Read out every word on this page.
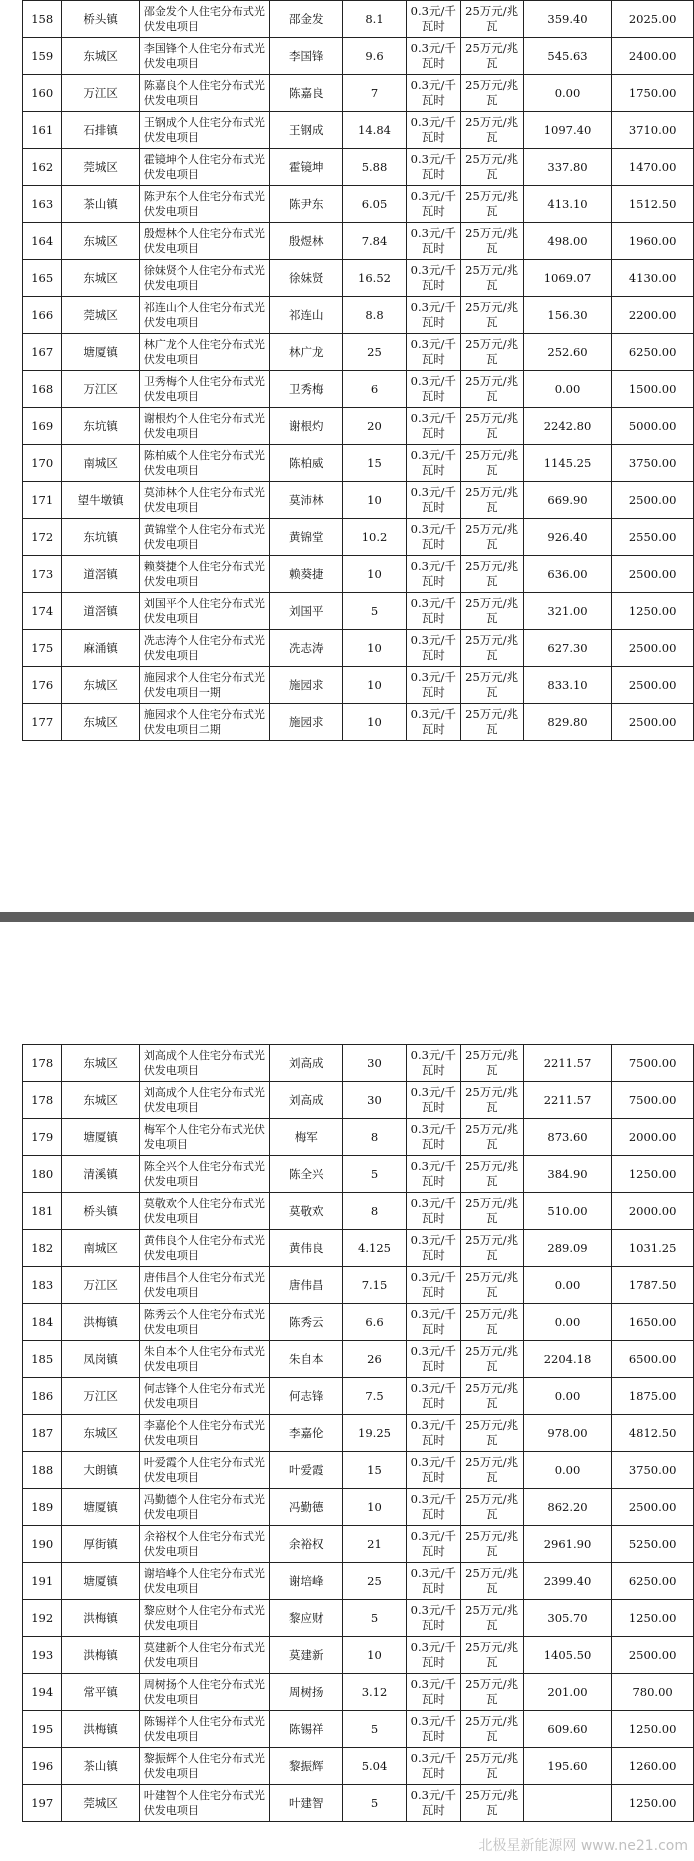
158	桥头镇	邵金发个人住宅分布式光伏发电项目	邵金发	8.1	0.3元/千瓦时	25万元/兆瓦	359.40	2025.00
159	东城区	李国锋个人住宅分布式光伏发电项目	李国锋	9.6	0.3元/千瓦时	25万元/兆瓦	545.63	2400.00
160	万江区	陈嘉良个人住宅分布式光伏发电项目	陈嘉良	7	0.3元/千瓦时	25万元/兆瓦	0.00	1750.00
161	石排镇	王钢成个人住宅分布式光伏发电项目	王钢成	14.84	0.3元/千瓦时	25万元/兆瓦	1097.40	3710.00
162	莞城区	霍镜坤个人住宅分布式光伏发电项目	霍镜坤	5.88	0.3元/千瓦时	25万元/兆瓦	337.80	1470.00
163	茶山镇	陈尹东个人住宅分布式光伏发电项目	陈尹东	6.05	0.3元/千瓦时	25万元/兆瓦	413.10	1512.50
164	东城区	殷煜林个人住宅分布式光伏发电项目	殷煜林	7.84	0.3元/千瓦时	25万元/兆瓦	498.00	1960.00
165	东城区	徐妹贤个人住宅分布式光伏发电项目	徐妹贤	16.52	0.3元/千瓦时	25万元/兆瓦	1069.07	4130.00
166	莞城区	祁连山个人住宅分布式光伏发电项目	祁连山	8.8	0.3元/千瓦时	25万元/兆瓦	156.30	2200.00
167	塘厦镇	林广龙个人住宅分布式光伏发电项目	林广龙	25	0.3元/千瓦时	25万元/兆瓦	252.60	6250.00
168	万江区	卫秀梅个人住宅分布式光伏发电项目	卫秀梅	6	0.3元/千瓦时	25万元/兆瓦	0.00	1500.00
169	东坑镇	谢根灼个人住宅分布式光伏发电项目	谢根灼	20	0.3元/千瓦时	25万元/兆瓦	2242.80	5000.00
170	南城区	陈柏威个人住宅分布式光伏发电项目	陈柏威	15	0.3元/千瓦时	25万元/兆瓦	1145.25	3750.00
171	望牛墩镇	莫沛林个人住宅分布式光伏发电项目	莫沛林	10	0.3元/千瓦时	25万元/兆瓦	669.90	2500.00
172	东坑镇	黄锦堂个人住宅分布式光伏发电项目	黄锦堂	10.2	0.3元/千瓦时	25万元/兆瓦	926.40	2550.00
173	道滘镇	赖葵捷个人住宅分布式光伏发电项目	赖葵捷	10	0.3元/千瓦时	25万元/兆瓦	636.00	2500.00
174	道滘镇	刘国平个人住宅分布式光伏发电项目	刘国平	5	0.3元/千瓦时	25万元/兆瓦	321.00	1250.00
175	麻涌镇	冼志涛个人住宅分布式光伏发电项目	冼志涛	10	0.3元/千瓦时	25万元/兆瓦	627.30	2500.00
176	东城区	施园求个人住宅分布式光伏发电项目一期	施园求	10	0.3元/千瓦时	25万元/兆瓦	833.10	2500.00
177	东城区	施园求个人住宅分布式光伏发电项目二期	施园求	10	0.3元/千瓦时	25万元/兆瓦	829.80	2500.00
178	东城区	刘高成个人住宅分布式光伏发电项目	刘高成	30	0.3元/千瓦时	25万元/兆瓦	2211.57	7500.00
178	东城区	刘高成个人住宅分布式光伏发电项目	刘高成	30	0.3元/千瓦时	25万元/兆瓦	2211.57	7500.00
179	塘厦镇	梅军个人住宅分布式光伏发电项目	梅军	8	0.3元/千瓦时	25万元/兆瓦	873.60	2000.00
180	清溪镇	陈全兴个人住宅分布式光伏发电项目	陈全兴	5	0.3元/千瓦时	25万元/兆瓦	384.90	1250.00
181	桥头镇	莫敬欢个人住宅分布式光伏发电项目	莫敬欢	8	0.3元/千瓦时	25万元/兆瓦	510.00	2000.00
182	南城区	黄伟良个人住宅分布式光伏发电项目	黄伟良	4.125	0.3元/千瓦时	25万元/兆瓦	289.09	1031.25
183	万江区	唐伟昌个人住宅分布式光伏发电项目	唐伟昌	7.15	0.3元/千瓦时	25万元/兆瓦	0.00	1787.50
184	洪梅镇	陈秀云个人住宅分布式光伏发电项目	陈秀云	6.6	0.3元/千瓦时	25万元/兆瓦	0.00	1650.00
185	凤岗镇	朱自本个人住宅分布式光伏发电项目	朱自本	26	0.3元/千瓦时	25万元/兆瓦	2204.18	6500.00
186	万江区	何志锋个人住宅分布式光伏发电项目	何志锋	7.5	0.3元/千瓦时	25万元/兆瓦	0.00	1875.00
187	东城区	李嘉伦个人住宅分布式光伏发电项目	李嘉伦	19.25	0.3元/千瓦时	25万元/兆瓦	978.00	4812.50
188	大朗镇	叶爱霞个人住宅分布式光伏发电项目	叶爱霞	15	0.3元/千瓦时	25万元/兆瓦	0.00	3750.00
189	塘厦镇	冯勤德个人住宅分布式光伏发电项目	冯勤德	10	0.3元/千瓦时	25万元/兆瓦	862.20	2500.00
190	厚街镇	余裕权个人住宅分布式光伏发电项目	余裕权	21	0.3元/千瓦时	25万元/兆瓦	2961.90	5250.00
191	塘厦镇	谢培峰个人住宅分布式光伏发电项目	谢培峰	25	0.3元/千瓦时	25万元/兆瓦	2399.40	6250.00
192	洪梅镇	黎应财个人住宅分布式光伏发电项目	黎应财	5	0.3元/千瓦时	25万元/兆瓦	305.70	1250.00
193	洪梅镇	莫建新个人住宅分布式光伏发电项目	莫建新	10	0.3元/千瓦时	25万元/兆瓦	1405.50	2500.00
194	常平镇	周树扬个人住宅分布式光伏发电项目	周树扬	3.12	0.3元/千瓦时	25万元/兆瓦	201.00	780.00
195	洪梅镇	陈锡祥个人住宅分布式光伏发电项目	陈锡祥	5	0.3元/千瓦时	25万元/兆瓦	609.60	1250.00
196	茶山镇	黎振辉个人住宅分布式光伏发电项目	黎振辉	5.04	0.3元/千瓦时	25万元/兆瓦	195.60	1260.00
197	莞城区	叶建智个人住宅分布式光伏发电项目	叶建智	5	0.3元/千瓦时	25万元/兆瓦		1250.00
北极星新能源网 www.ne21.com
